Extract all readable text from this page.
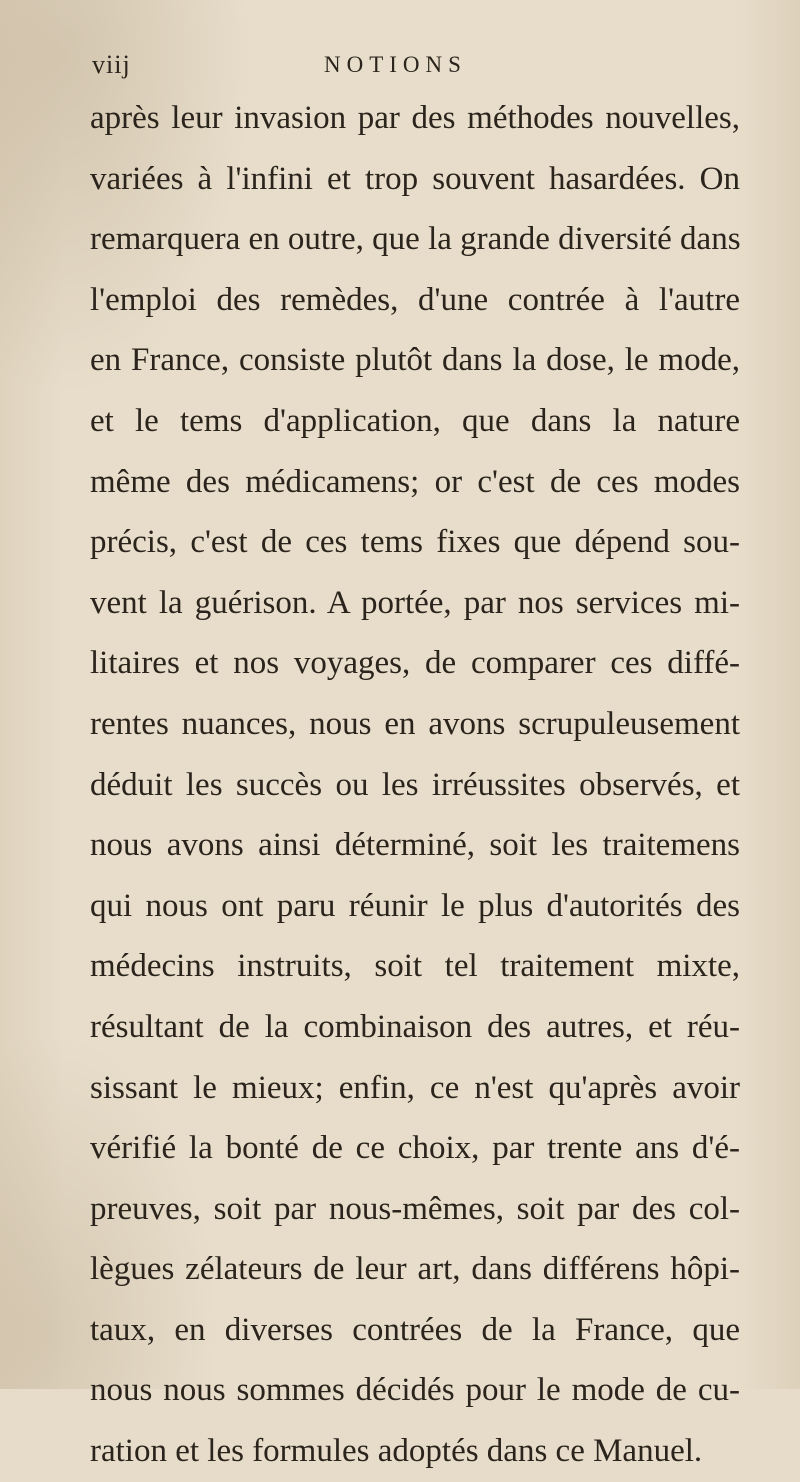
viij	NOTIONS
après leur invasion par des méthodes nouvelles,
variées à l'infini et trop souvent hasardées. On
remarquera en outre, que la grande diversité dans
l'emploi des remèdes, d'une contrée à l'autre
en France, consiste plutôt dans la dose, le mode,
et le tems d'application, que dans la nature
même des médicamens; or c'est de ces modes
précis, c'est de ces tems fixes que dépend sou-
vent la guérison. A portée, par nos services mi-
litaires et nos voyages, de comparer ces diffé-
rentes nuances, nous en avons scrupuleusement
déduit les succès ou les irréussites observés, et
nous avons ainsi déterminé, soit les traitemens
qui nous ont paru réunir le plus d'autorités des
médecins instruits, soit tel traitement mixte,
résultant de la combinaison des autres, et réu-
sissant le mieux; enfin, ce n'est qu'après avoir
vérifié la bonté de ce choix, par trente ans d'é-
preuves, soit par nous-mêmes, soit par des col-
lègues zélateurs de leur art, dans différens hôpi-
taux, en diverses contrées de la France, que
nous nous sommes décidés pour le mode de cu-
ration et les formules adoptés dans ce Manuel.
